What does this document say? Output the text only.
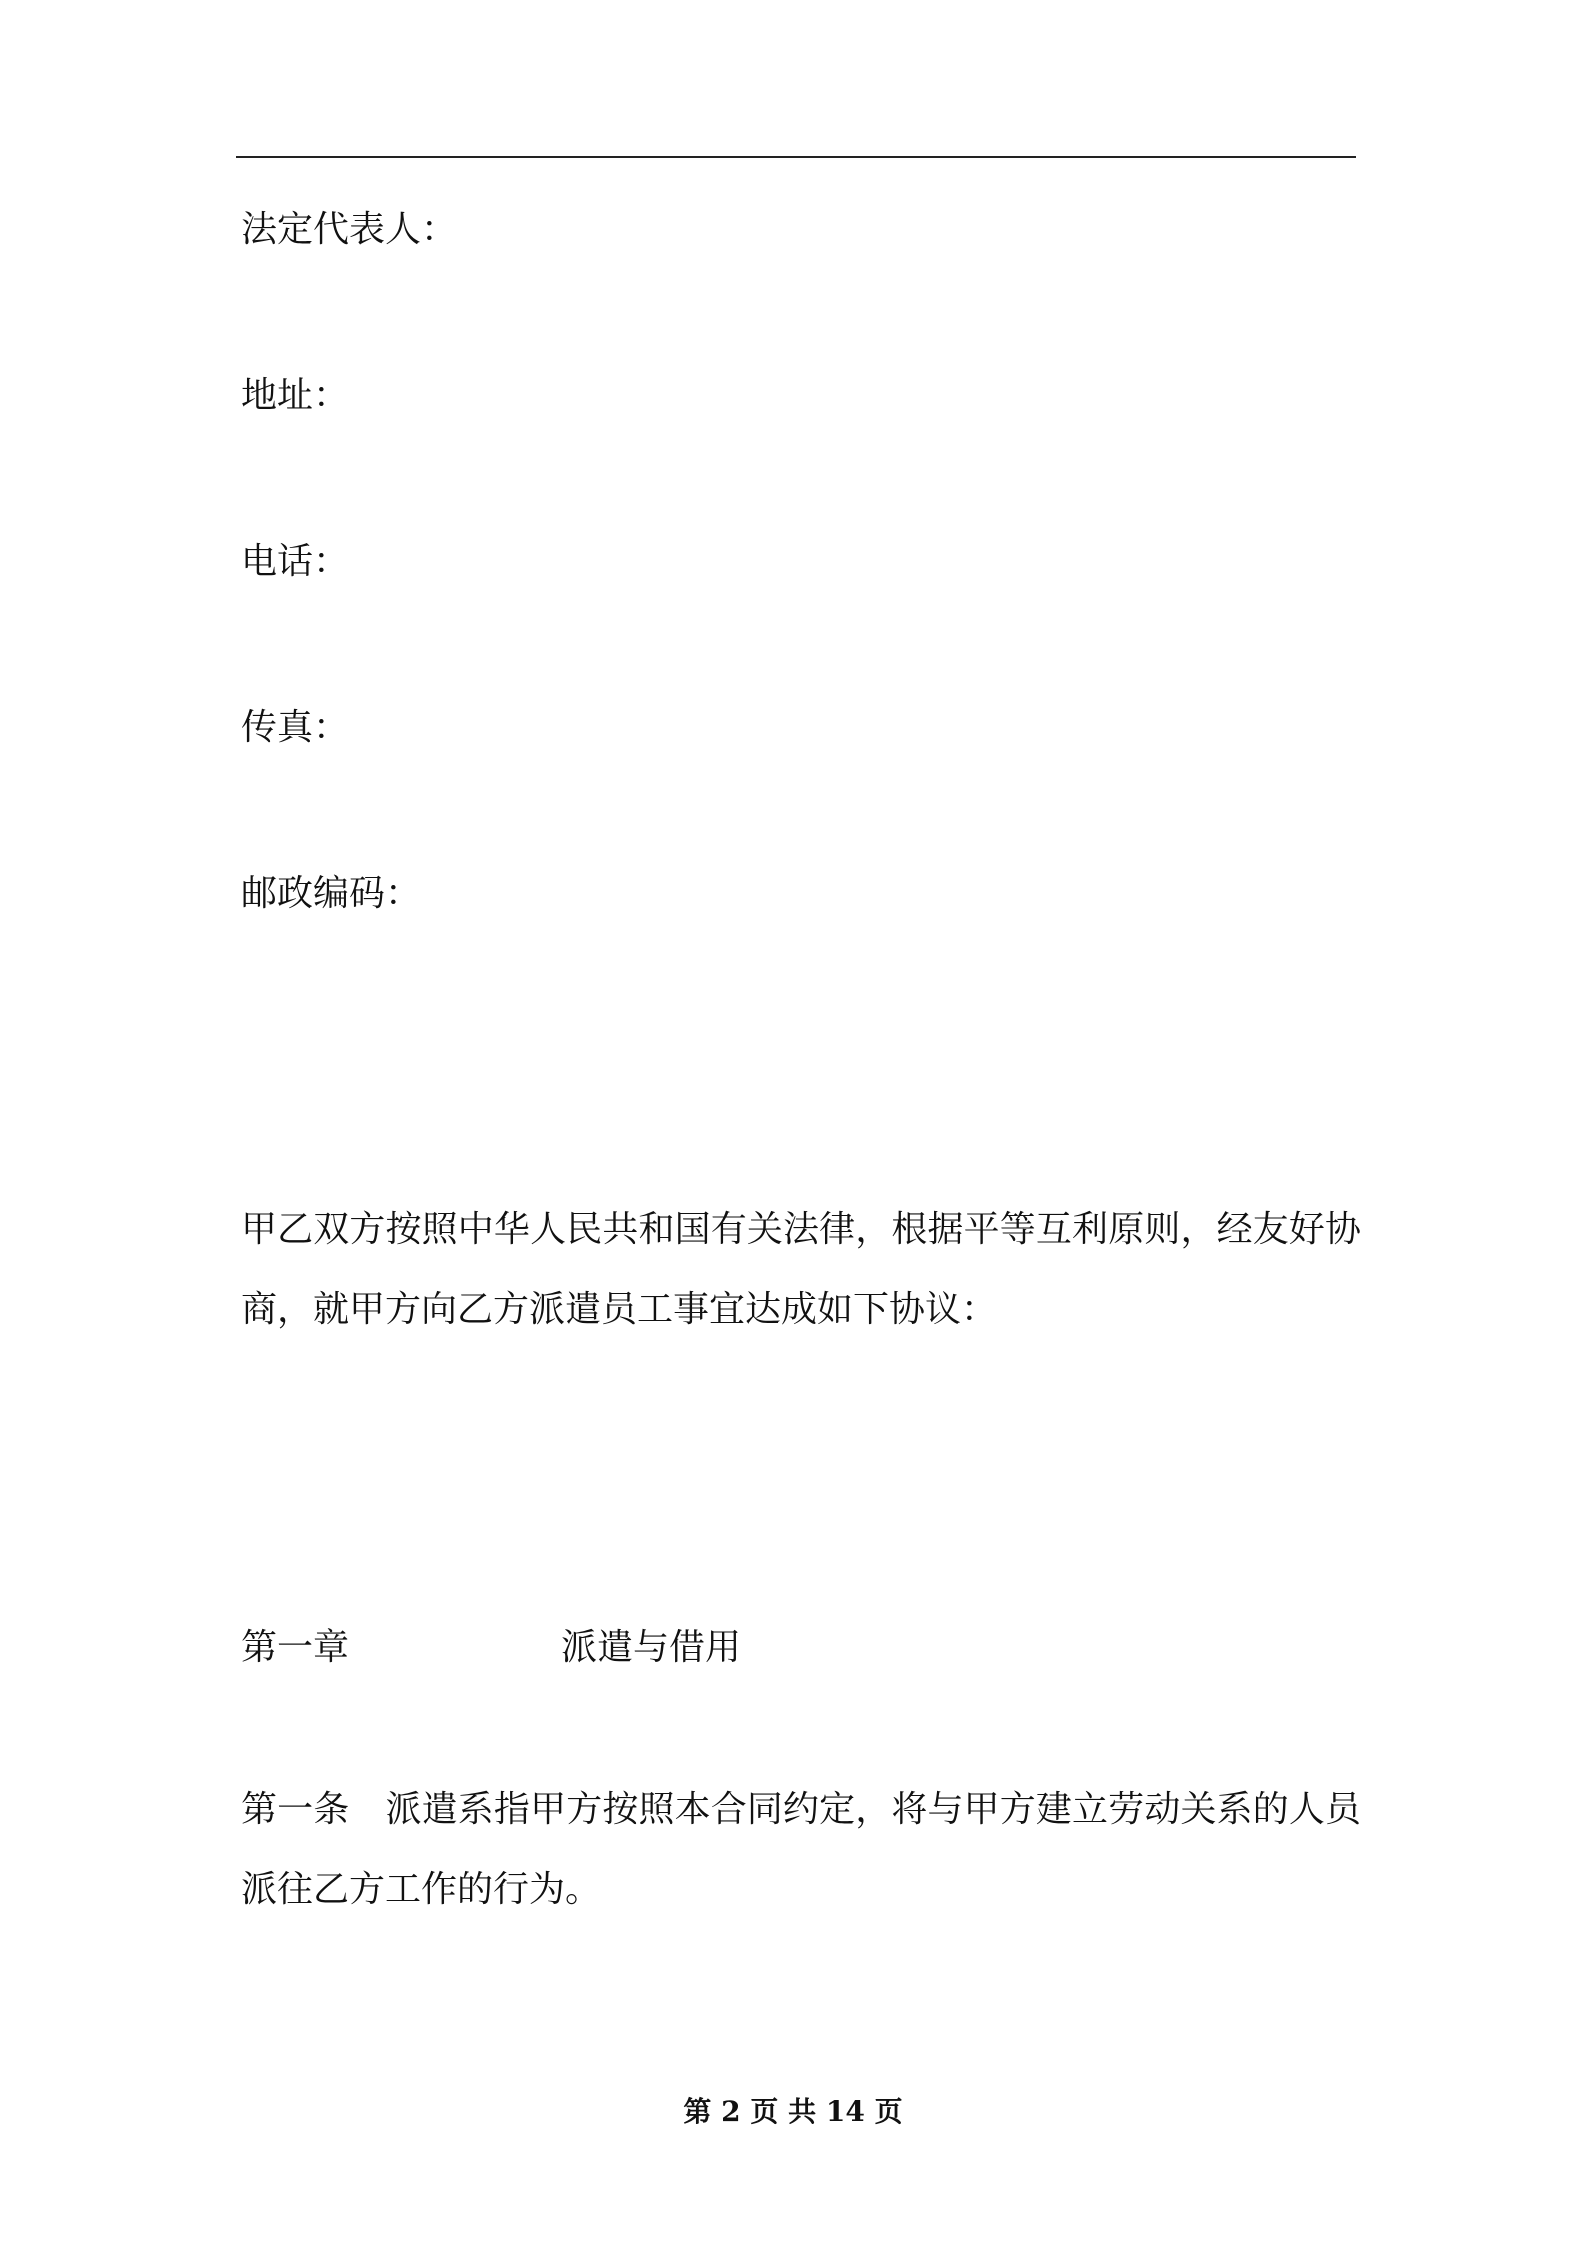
法定代表人：

地址：

电话：

传真：

邮政编码：

甲乙双方按照中华人民共和国有关法律，根据平等互利原则，经友好协商，就甲方向乙方派遣员工事宜达成如下协议：

第一章	派遣与借用

第一条　派遣系指甲方按照本合同约定，将与甲方建立劳动关系的人员派往乙方工作的行为。

第 2 页 共 14 页
